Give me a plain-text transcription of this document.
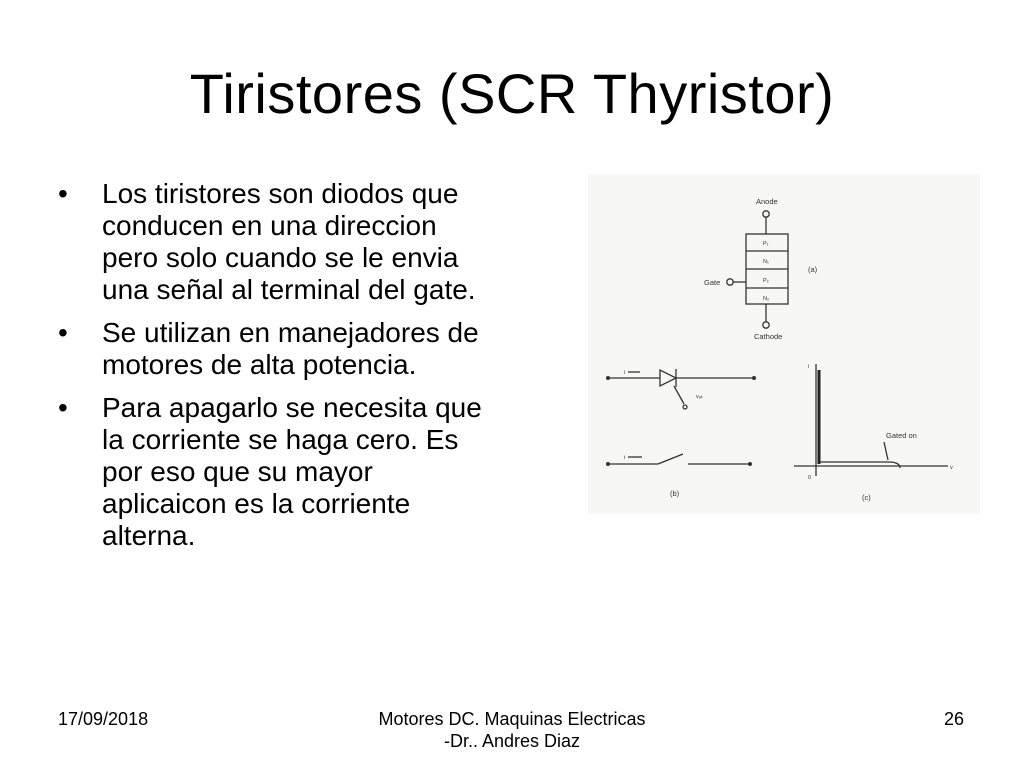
Tiristores (SCR Thyristor)
• Los tiristores son diodos que conducen en una direccion pero solo cuando se le envia una señal al terminal del gate.
• Se utilizan en manejadores de motores de alta potencia.
• Para apagarlo se necesita que la corriente se haga cero. Es por eso que su mayor aplicaicon es la corriente alterna.
Anode
P₁
N₁
P₂
N₂
Cathode
Gate
(a)
i
vₐₖ
i
(b)
i
v
0
Gated on
(c)
17/09/2018	Motores DC. Maquinas Electricas
-Dr.. Andres Diaz
26
